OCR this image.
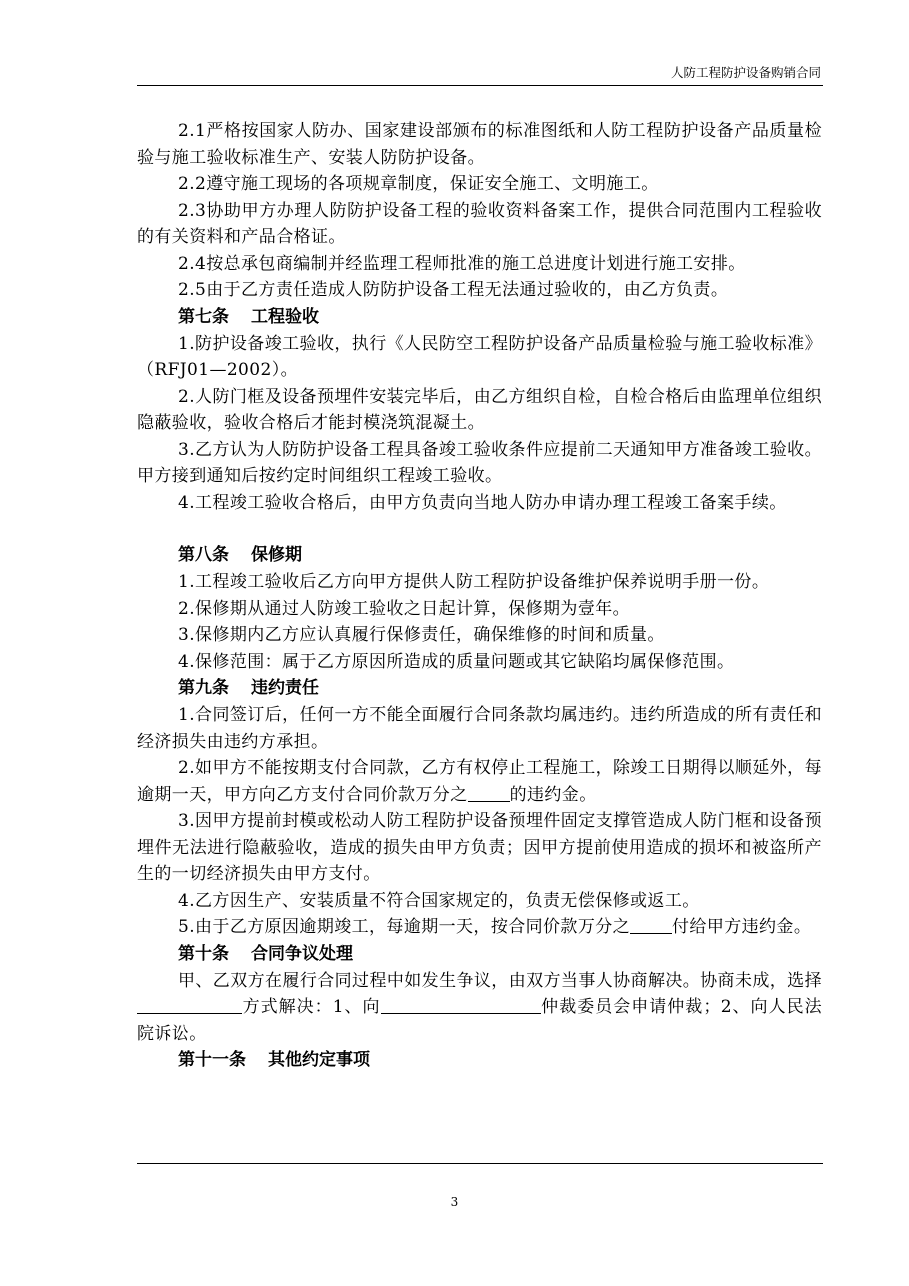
人防工程防护设备购销合同

2.1严格按国家人防办、国家建设部颁布的标准图纸和人防工程防护设备产品质量检验与施工验收标准生产、安装人防防护设备。

2.2遵守施工现场的各项规章制度，保证安全施工、文明施工。

2.3协助甲方办理人防防护设备工程的验收资料备案工作，提供合同范围内工程验收的有关资料和产品合格证。

2.4按总承包商编制并经监理工程师批准的施工总进度计划进行施工安排。

2.5由于乙方责任造成人防防护设备工程无法通过验收的，由乙方负责。

第七条 工程验收

1.防护设备竣工验收，执行《人民防空工程防护设备产品质量检验与施工验收标准》（RFJ01—2002）。

2.人防门框及设备预埋件安装完毕后，由乙方组织自检，自检合格后由监理单位组织隐蔽验收，验收合格后才能封模浇筑混凝土。

3.乙方认为人防防护设备工程具备竣工验收条件应提前二天通知甲方准备竣工验收。甲方接到通知后按约定时间组织工程竣工验收。

4.工程竣工验收合格后，由甲方负责向当地人防办申请办理工程竣工备案手续。

第八条 保修期

1.工程竣工验收后乙方向甲方提供人防工程防护设备维护保养说明手册一份。

2.保修期从通过人防竣工验收之日起计算，保修期为壹年。

3.保修期内乙方应认真履行保修责任，确保维修的时间和质量。

4.保修范围：属于乙方原因所造成的质量问题或其它缺陷均属保修范围。

第九条 违约责任

1.合同签订后，任何一方不能全面履行合同条款均属违约。违约所造成的所有责任和经济损失由违约方承担。

2.如甲方不能按期支付合同款，乙方有权停止工程施工，除竣工日期得以顺延外，每逾期一天，甲方向乙方支付合同价款万分之 的违约金。

3.因甲方提前封模或松动人防工程防护设备预埋件固定支撑管造成人防门框和设备预埋件无法进行隐蔽验收，造成的损失由甲方负责；因甲方提前使用造成的损坏和被盗所产生的一切经济损失由甲方支付。

4.乙方因生产、安装质量不符合国家规定的，负责无偿保修或返工。

5.由于乙方原因逾期竣工，每逾期一天，按合同价款万分之 付给甲方违约金。

第十条 合同争议处理

甲、乙双方在履行合同过程中如发生争议，由双方当事人协商解决。协商未成，选择方式解决：1、向	仲裁委员会申请仲裁；2、向人民法院诉讼。

第十一条 其他约定事项
3
